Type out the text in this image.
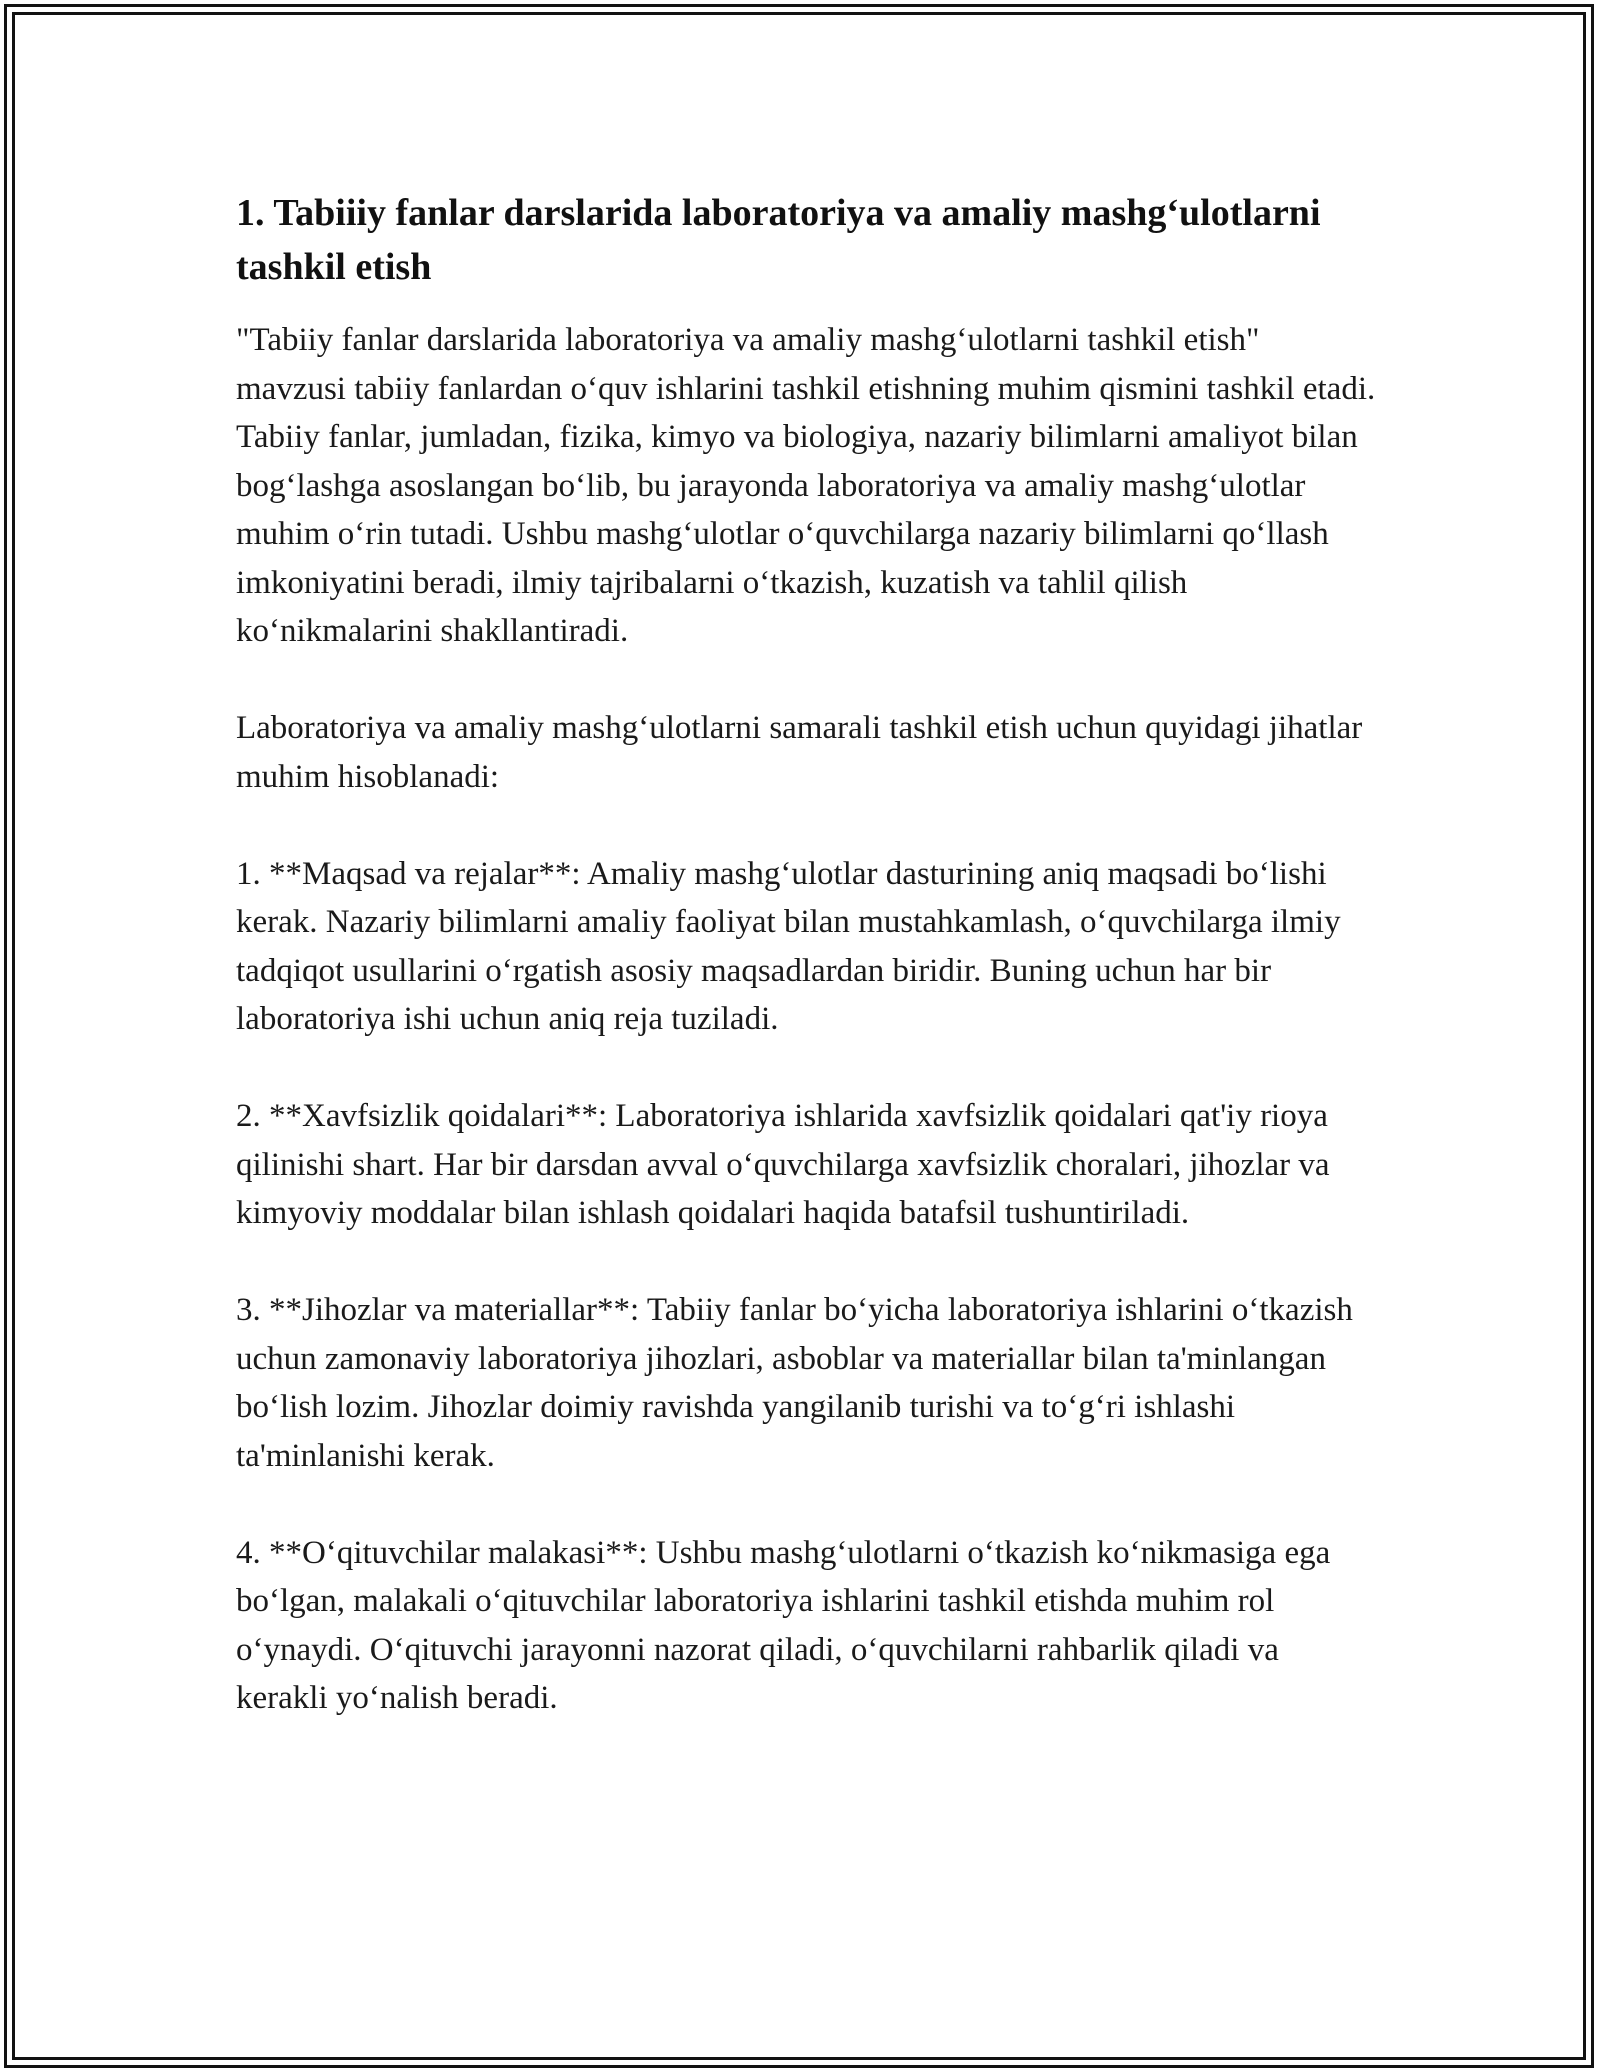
1. Tabiiiy fanlar darslarida laboratoriya va amaliy mashg‘ulotlarni tashkil etish

"Tabiiy fanlar darslarida laboratoriya va amaliy mashg‘ulotlarni tashkil etish" mavzusi tabiiy fanlardan o‘quv ishlarini tashkil etishning muhim qismini tashkil etadi. Tabiiy fanlar, jumladan, fizika, kimyo va biologiya, nazariy bilimlarni amaliyot bilan bog‘lashga asoslangan bo‘lib, bu jarayonda laboratoriya va amaliy mashg‘ulotlar muhim o‘rin tutadi. Ushbu mashg‘ulotlar o‘quvchilarga nazariy bilimlarni qo‘llash imkoniyatini beradi, ilmiy tajribalarni o‘tkazish, kuzatish va tahlil qilish ko‘nikmalarini shakllantiradi.

Laboratoriya va amaliy mashg‘ulotlarni samarali tashkil etish uchun quyidagi jihatlar muhim hisoblanadi:

1. **Maqsad va rejalar**: Amaliy mashg‘ulotlar dasturining aniq maqsadi bo‘lishi kerak. Nazariy bilimlarni amaliy faoliyat bilan mustahkamlash, o‘quvchilarga ilmiy tadqiqot usullarini o‘rgatish asosiy maqsadlardan biridir. Buning uchun har bir laboratoriya ishi uchun aniq reja tuziladi.

2. **Xavfsizlik qoidalari**: Laboratoriya ishlarida xavfsizlik qoidalari qat'iy rioya qilinishi shart. Har bir darsdan avval o‘quvchilarga xavfsizlik choralari, jihozlar va kimyoviy moddalar bilan ishlash qoidalari haqida batafsil tushuntiriladi.

3. **Jihozlar va materiallar**: Tabiiy fanlar bo‘yicha laboratoriya ishlarini o‘tkazish uchun zamonaviy laboratoriya jihozlari, asboblar va materiallar bilan ta'minlangan bo‘lish lozim. Jihozlar doimiy ravishda yangilanib turishi va to‘g‘ri ishlashi ta'minlanishi kerak.

4. **O‘qituvchilar malakasi**: Ushbu mashg‘ulotlarni o‘tkazish ko‘nikmasiga ega bo‘lgan, malakali o‘qituvchilar laboratoriya ishlarini tashkil etishda muhim rol o‘ynaydi. O‘qituvchi jarayonni nazorat qiladi, o‘quvchilarni rahbarlik qiladi va kerakli yo‘nalish beradi.
